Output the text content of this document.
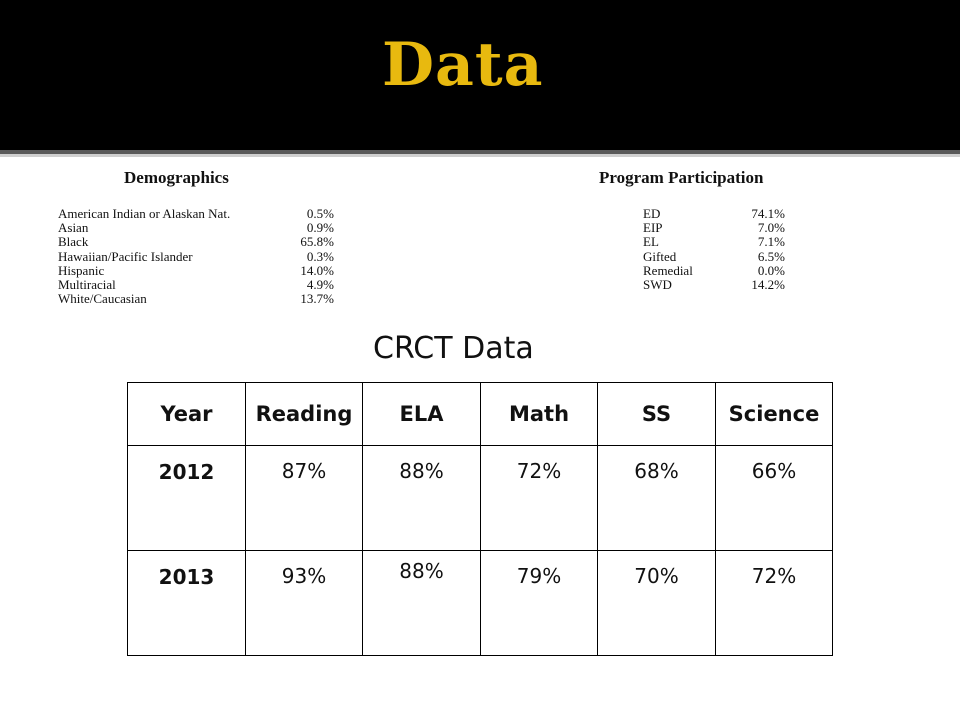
Data
Demographics	Program Participation
American Indian or Alaskan Nat.	0.5%
Asian	0.9%
Black	65.8%
Hawaiian/Pacific Islander	0.3%
Hispanic	14.0%
Multiracial	4.9%
White/Caucasian	13.7%
ED	74.1%
EIP	7.0%
EL	7.1%
Gifted	6.5%
Remedial	0.0%
SWD	14.2%
CRCT Data
Year	Reading	ELA	Math	SS	Science
2012	87%	88%	72%	68%	66%
2013	93%	88%	79%	70%	72%
